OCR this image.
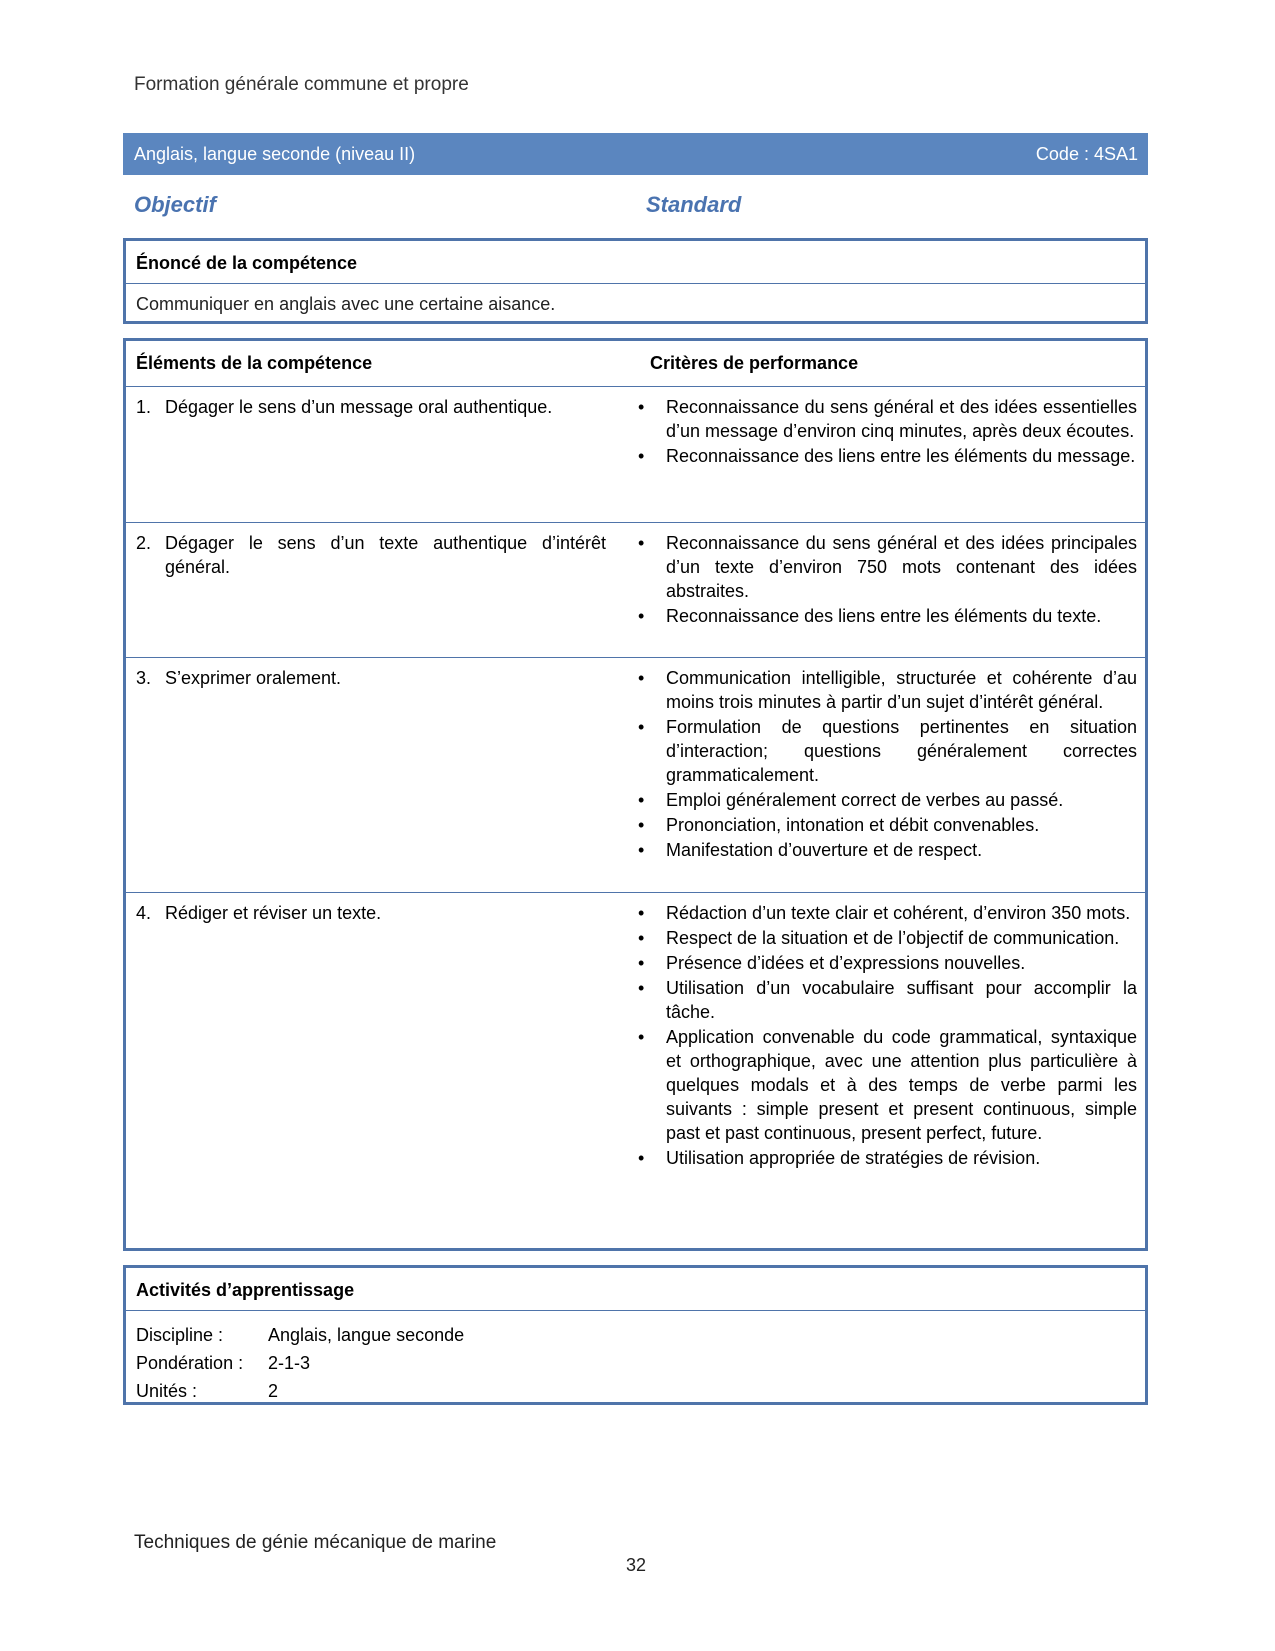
Formation générale commune et propre
Anglais, langue seconde (niveau II)	Code : 4SA1
Objectif	Standard
Énoncé de la compétence
Communiquer en anglais avec une certaine aisance.
Éléments de la compétence	Critères de performance
1. Dégager le sens d’un message oral authentique.	•	Reconnaissance du sens général et des idées essentielles d’un message d’environ cinq minutes, après deux écoutes.
•	Reconnaissance des liens entre les éléments du message.
2. Dégager le sens d’un texte authentique d’intérêt général.
•	Reconnaissance du sens général et des idées principales d’un texte d’environ 750 mots contenant des idées abstraites.
•	Reconnaissance des liens entre les éléments du texte.
3. S’exprimer oralement.	•	Communication intelligible, structurée et cohérente d’au moins trois minutes à partir d’un sujet d’intérêt général.
•	Formulation de questions pertinentes en situation d’interaction; questions généralement correctes grammaticalement.
•	Emploi généralement correct de verbes au passé.
•	Prononciation, intonation et débit convenables.
•	Manifestation d’ouverture et de respect.
4. Rédiger et réviser un texte.	•	Rédaction d’un texte clair et cohérent, d’environ 350 mots.
•	Respect de la situation et de l’objectif de communication.
•	Présence d’idées et d’expressions nouvelles.
•	Utilisation d’un vocabulaire suffisant pour accomplir la tâche.
•	Application convenable du code grammatical, syntaxique et orthographique, avec une attention plus particulière à quelques modals et à des temps de verbe parmi les suivants : simple present et present continuous, simple past et past continuous, present perfect, future.
•	Utilisation appropriée de stratégies de révision.
Activités d’apprentissage
Discipline :	Anglais, langue seconde
Pondération :	2-1-3
Unités :	2
Techniques de génie mécanique de marine
32
